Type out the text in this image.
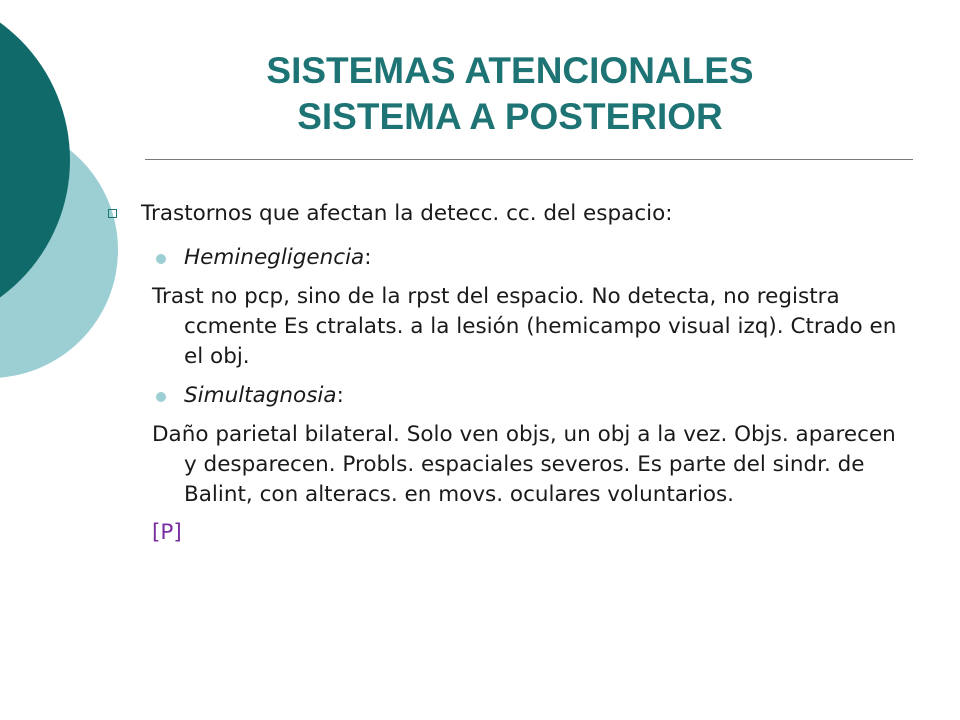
SISTEMAS ATENCIONALES
SISTEMA A POSTERIOR
Trastornos que afectan la detecc. cc. del espacio:
Heminegligencia:

Trast no pcp, sino de la rpst del espacio. No detecta, no registra ccmente Es ctralats. a la lesión (hemicampo visual izq). Ctrado en el obj.

Simultagnosia:

Daño parietal bilateral. Solo ven objs, un obj a la vez. Objs. aparecen y desparecen. Probls. espaciales severos. Es parte del sindr. de Balint, con alteracs. en movs. oculares voluntarios.

[P]
